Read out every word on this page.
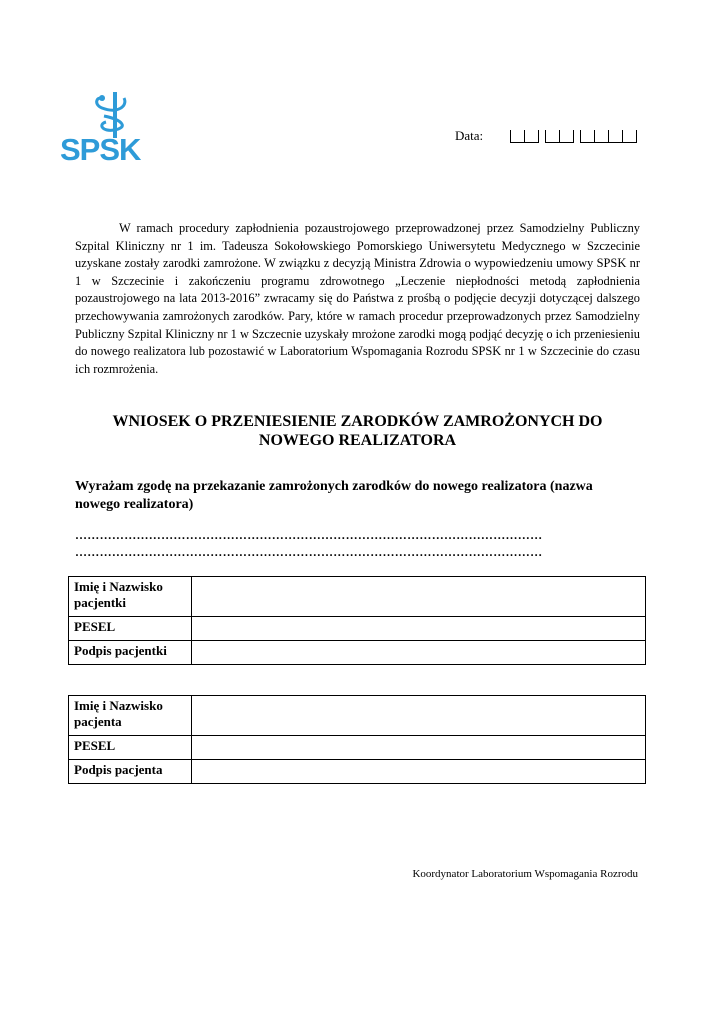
SPSK	Data:

W ramach procedury zapłodnienia pozaustrojowego przeprowadzonej przez Samodzielny Publiczny Szpital Kliniczny nr 1 im. Tadeusza Sokołowskiego Pomorskiego Uniwersytetu Medycznego w Szczecinie uzyskane zostały zarodki zamrożone. W związku z decyzją Ministra Zdrowia o wypowiedzeniu umowy SPSK nr 1 w Szczecinie i zakończeniu programu zdrowotnego „Leczenie niepłodności metodą zapłodnienia pozaustrojowego na lata 2013-2016” zwracamy się do Państwa z prośbą o podjęcie decyzji dotyczącej dalszego przechowywania zamrożonych zarodków. Pary, które w ramach procedur przeprowadzonych przez Samodzielny Publiczny Szpital Kliniczny nr 1 w Szczecnie uzyskały mrożone zarodki mogą podjąć decyzję o ich przeniesieniu do nowego realizatora lub pozostawić w Laboratorium Wspomagania Rozrodu SPSK nr 1 w Szczecinie do czasu ich rozmrożenia.

WNIOSEK O PRZENIESIENIE ZARODKÓW ZAMROŻONYCH DO NOWEGO REALIZATORA

Wyrażam zgodę na przekazanie zamrożonych zarodków do nowego realizatora (nazwa nowego realizatora)

……………………………………………………………………………………………………
……………………………………………………………………………………………………
Imię i Nazwisko pacjentki	
PESEL	
Podpis pacjentki	
Imię i Nazwisko pacjenta	
PESEL	
Podpis pacjenta	
Koordynator Laboratorium Wspomagania Rozrodu
